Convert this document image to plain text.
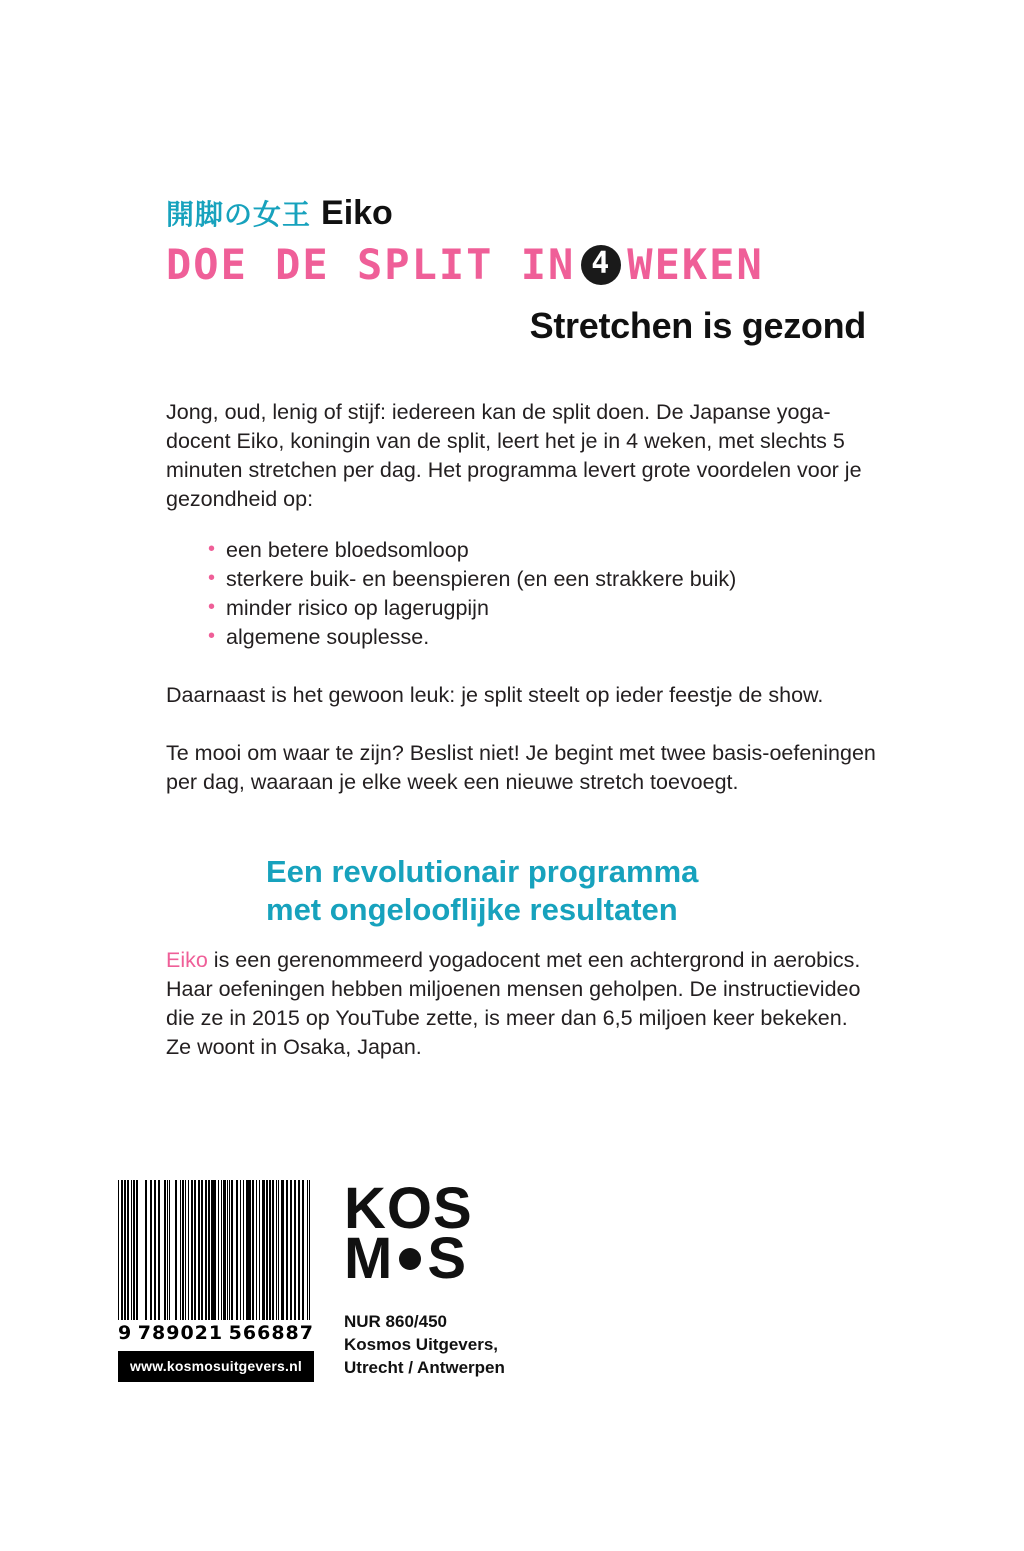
開脚の女王 Eiko
DOE DE SPLIT IN 4 WEKEN
Stretchen is gezond

Jong, oud, lenig of stijf: iedereen kan de split doen. De Japanse yoga-docent Eiko, koningin van de split, leert het je in 4 weken, met slechts 5 minuten stretchen per dag. Het programma levert grote voordelen voor je gezondheid op:

• een betere bloedsomloop
• sterkere buik- en beenspieren (en een strakkere buik)
• minder risico op lagerugpijn
• algemene souplesse.

Daarnaast is het gewoon leuk: je split steelt op ieder feestje de show.

Te mooi om waar te zijn? Beslist niet! Je begint met twee basis-oefeningen per dag, waaraan je elke week een nieuwe stretch toevoegt.

Een revolutionair programma
met ongelooflijke resultaten
Eiko is een gerenommeerd yogadocent met een achtergrond in aerobics. Haar oefeningen hebben miljoenen mensen geholpen. De instructievideo die ze in 2015 op YouTube zette, is meer dan 6,5 miljoen keer bekeken. Ze woont in Osaka, Japan.
9 789021 566887
www.kosmosuitgevers.nl
KOS
M S
NUR 860/450
Kosmos Uitgevers,
Utrecht / Antwerpen
